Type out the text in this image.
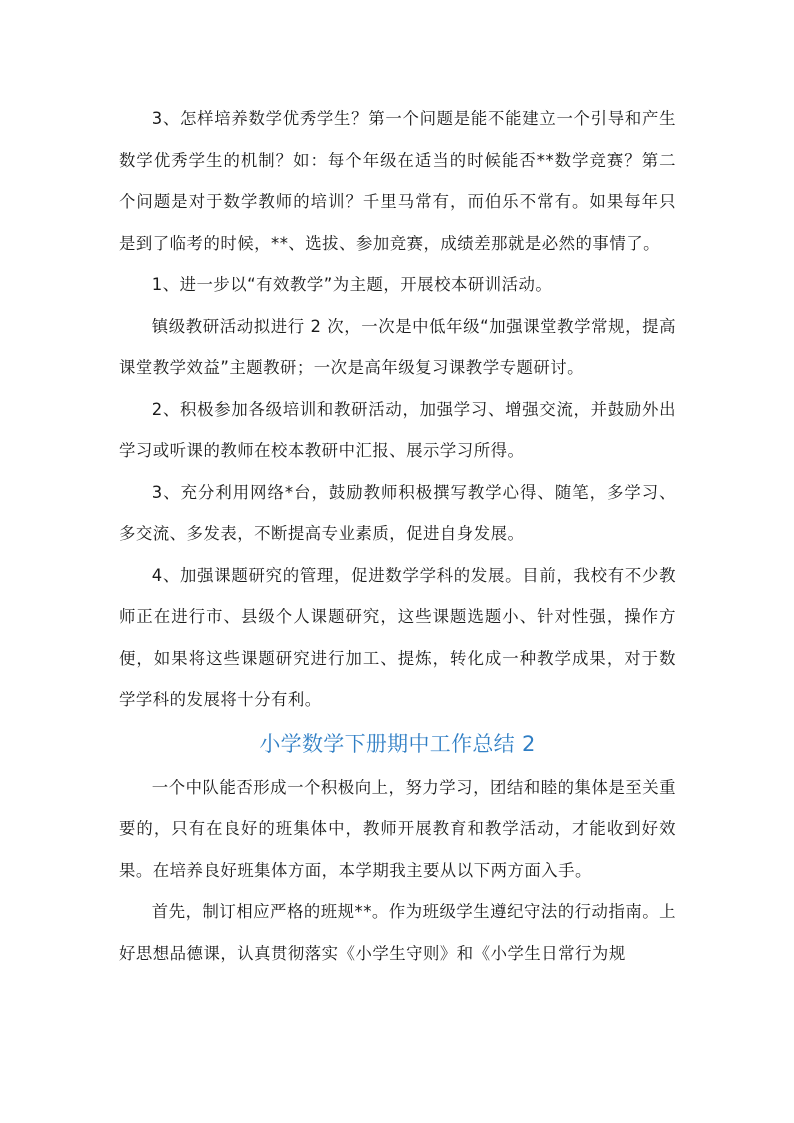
3、怎样培养数学优秀学生？第一个问题是能不能建立一个引导和产生数学优秀学生的机制？如：每个年级在适当的时候能否**数学竞赛？第二个问题是对于数学教师的培训？千里马常有，而伯乐不常有。如果每年只是到了临考的时候，**、选拔、参加竞赛，成绩差那就是必然的事情了。

1、进一步以“有效教学”为主题，开展校本研训活动。

镇级教研活动拟进行 2 次，一次是中低年级“加强课堂教学常规，提高课堂教学效益”主题教研；一次是高年级复习课教学专题研讨。

2、积极参加各级培训和教研活动，加强学习、增强交流，并鼓励外出学习或听课的教师在校本教研中汇报、展示学习所得。

3、充分利用网络*台，鼓励教师积极撰写教学心得、随笔，多学习、多交流、多发表，不断提高专业素质，促进自身发展。

4、加强课题研究的管理，促进数学学科的发展。目前，我校有不少教师正在进行市、县级个人课题研究，这些课题选题小、针对性强，操作方便，如果将这些课题研究进行加工、提炼，转化成一种教学成果，对于数学学科的发展将十分有利。

小学数学下册期中工作总结 2

一个中队能否形成一个积极向上，努力学习，团结和睦的集体是至关重要的，只有在良好的班集体中，教师开展教育和教学活动，才能收到好效果。在培养良好班集体方面，本学期我主要从以下两方面入手。

首先，制订相应严格的班规**。作为班级学生遵纪守法的行动指南。上好思想品德课，认真贯彻落实《小学生守则》和《小学生日常行为规
